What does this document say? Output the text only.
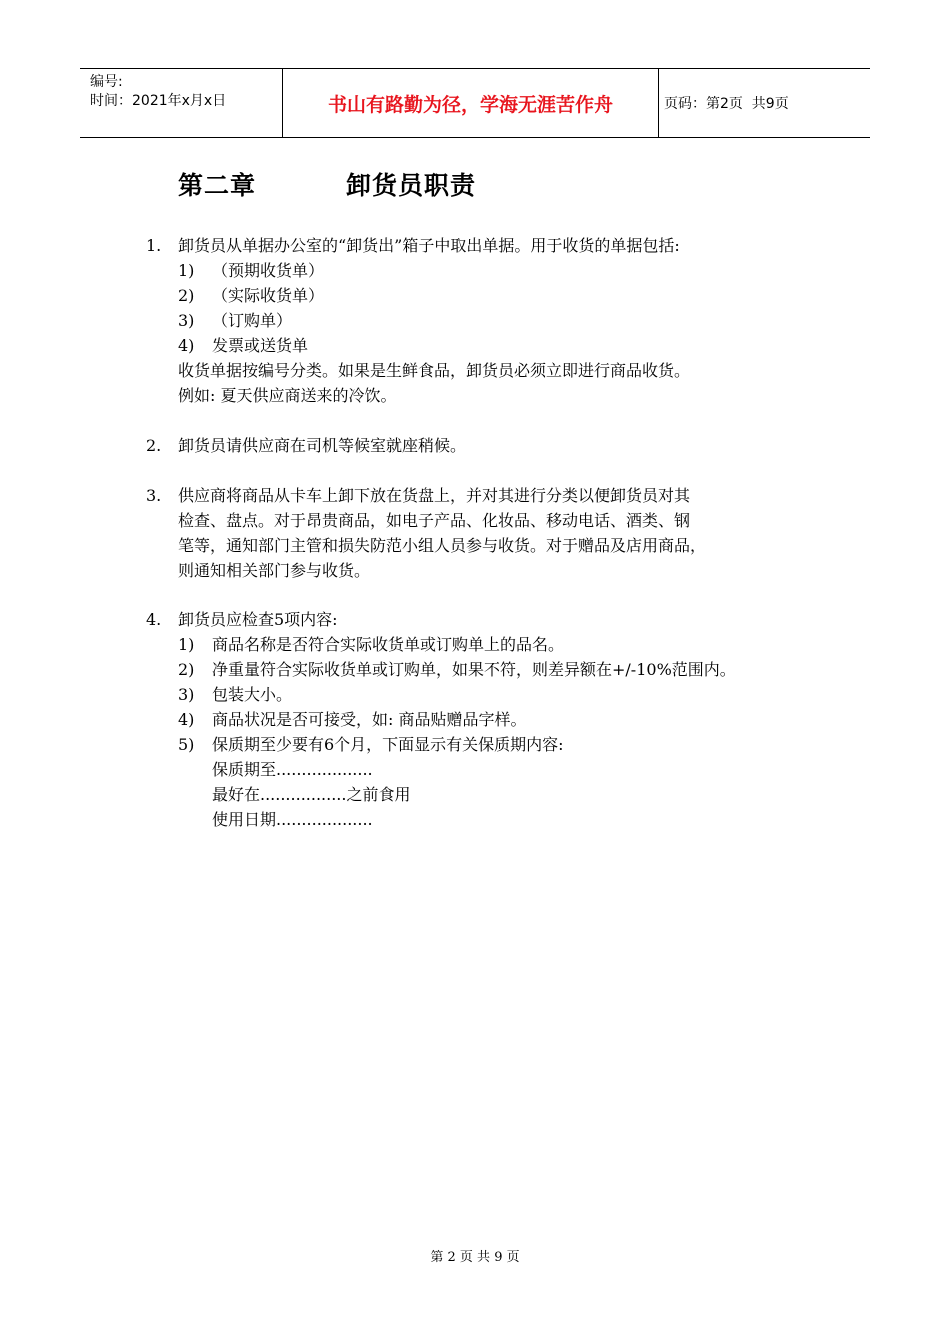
编号:
时间：2021年x月x日	书山有路勤为径，学海无涯苦作舟	页码：第2页  共9页
第二章	卸货员职责
1. 卸货员从单据办公室的“卸货出”箱子中取出单据。用于收货的单据包括:
1) （预期收货单）
2) （实际收货单）
3) （订购单）
4) 发票或送货单
收货单据按编号分类。如果是生鲜食品，卸货员必须立即进行商品收货。
例如: 夏天供应商送来的冷饮。
2. 卸货员请供应商在司机等候室就座稍候。
3. 供应商将商品从卡车上卸下放在货盘上，并对其进行分类以便卸货员对其
检查、盘点。对于昂贵商品，如电子产品、化妆品、移动电话、酒类、钢
笔等，通知部门主管和损失防范小组人员参与收货。对于赠品及店用商品，
则通知相关部门参与收货。
4. 卸货员应检查5项内容:
1) 商品名称是否符合实际收货单或订购单上的品名。
2) 净重量符合实际收货单或订购单，如果不符，则差异额在+/-10%范围内。
3) 包装大小。
4) 商品状况是否可接受，如: 商品贴赠品字样。
5) 保质期至少要有6个月，下面显示有关保质期内容:
保质期至...................
最好在.................之前食用
使用日期...................
第 2 页 共 9 页
